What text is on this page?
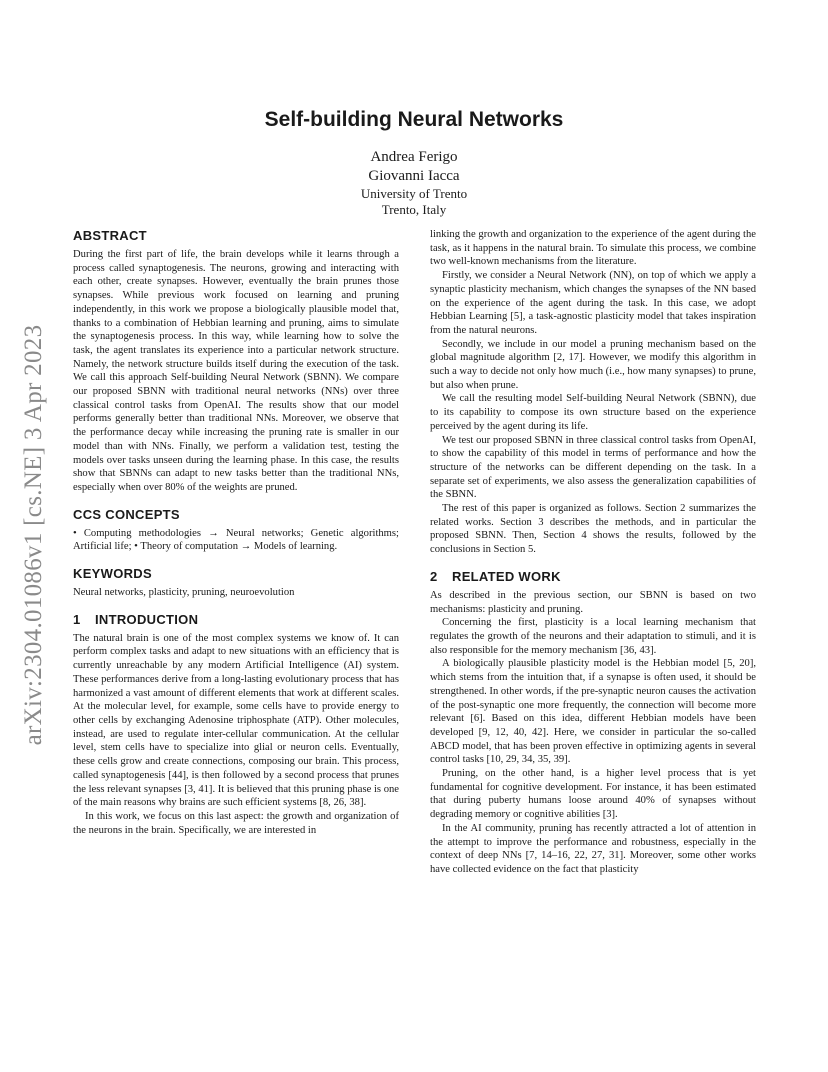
arXiv:2304.01086v1 [cs.NE] 3 Apr 2023
Self-building Neural Networks
Andrea Ferigo
Giovanni Iacca
University of Trento
Trento, Italy
ABSTRACT

During the first part of life, the brain develops while it learns through a process called synaptogenesis. The neurons, growing and interacting with each other, create synapses. However, eventually the brain prunes those synapses. While previous work focused on learning and pruning independently, in this work we propose a biologically plausible model that, thanks to a combination of Hebbian learning and pruning, aims to simulate the synaptogenesis process. In this way, while learning how to solve the task, the agent translates its experience into a particular network structure. Namely, the network structure builds itself during the execution of the task. We call this approach Self-building Neural Network (SBNN). We compare our proposed SBNN with traditional neural networks (NNs) over three classical control tasks from OpenAI. The results show that our model performs generally better than traditional NNs. Moreover, we observe that the performance decay while increasing the pruning rate is smaller in our model than with NNs. Finally, we perform a validation test, testing the models over tasks unseen during the learning phase. In this case, the results show that SBNNs can adapt to new tasks better than the traditional NNs, especially when over 80% of the weights are pruned.

CCS CONCEPTS

• Computing methodologies → Neural networks; Genetic algorithms; Artificial life; • Theory of computation → Models of learning.

KEYWORDS

Neural networks, plasticity, pruning, neuroevolution

1 INTRODUCTION

The natural brain is one of the most complex systems we know of. It can perform complex tasks and adapt to new situations with an efficiency that is currently unreachable by any modern Artificial Intelligence (AI) system. These performances derive from a long-lasting evolutionary process that has harmonized a vast amount of different elements that work at different scales. At the molecular level, for example, some cells have to provide energy to other cells by exchanging Adenosine triphosphate (ATP). Other molecules, instead, are used to regulate inter-cellular communication. At the cellular level, stem cells have to specialize into glial or neuron cells. Eventually, these cells grow and create connections, composing our brain. This process, called synaptogenesis [44], is then followed by a second process that prunes the less relevant synapses [3, 41]. It is believed that this pruning phase is one of the main reasons why brains are such efficient systems [8, 26, 38].

In this work, we focus on this last aspect: the growth and organization of the neurons in the brain. Specifically, we are interested in

linking the growth and organization to the experience of the agent during the task, as it happens in the natural brain. To simulate this process, we combine two well-known mechanisms from the literature.

Firstly, we consider a Neural Network (NN), on top of which we apply a synaptic plasticity mechanism, which changes the synapses of the NN based on the experience of the agent during the task. In this case, we adopt Hebbian Learning [5], a task-agnostic plasticity model that takes inspiration from the natural neurons.

Secondly, we include in our model a pruning mechanism based on the global magnitude algorithm [2, 17]. However, we modify this algorithm in such a way to decide not only how much (i.e., how many synapses) to prune, but also when prune.

We call the resulting model Self-building Neural Network (SBNN), due to its capability to compose its own structure based on the experience perceived by the agent during its life.

We test our proposed SBNN in three classical control tasks from OpenAI, to show the capability of this model in terms of performance and how the structure of the networks can be different depending on the task. In a separate set of experiments, we also assess the generalization capabilities of the SBNN.

The rest of this paper is organized as follows. Section 2 summarizes the related works. Section 3 describes the methods, and in particular the proposed SBNN. Then, Section 4 shows the results, followed by the conclusions in Section 5.

2 RELATED WORK

As described in the previous section, our SBNN is based on two mechanisms: plasticity and pruning.

Concerning the first, plasticity is a local learning mechanism that regulates the growth of the neurons and their adaptation to stimuli, and it is also responsible for the memory mechanism [36, 43].

A biologically plausible plasticity model is the Hebbian model [5, 20], which stems from the intuition that, if a synapse is often used, it should be strengthened. In other words, if the pre-synaptic neuron causes the activation of the post-synaptic one more frequently, the connection will become more relevant [6]. Based on this idea, different Hebbian models have been developed [9, 12, 40, 42]. Here, we consider in particular the so-called ABCD model, that has been proven effective in optimizing agents in several control tasks [10, 29, 34, 35, 39].

Pruning, on the other hand, is a higher level process that is yet fundamental for cognitive development. For instance, it has been estimated that during puberty humans loose around 40% of synapses without degrading memory or cognitive abilities [3].

In the AI community, pruning has recently attracted a lot of attention in the attempt to improve the performance and robustness, especially in the context of deep NNs [7, 14–16, 22, 27, 31]. Moreover, some other works have collected evidence on the fact that plasticity
